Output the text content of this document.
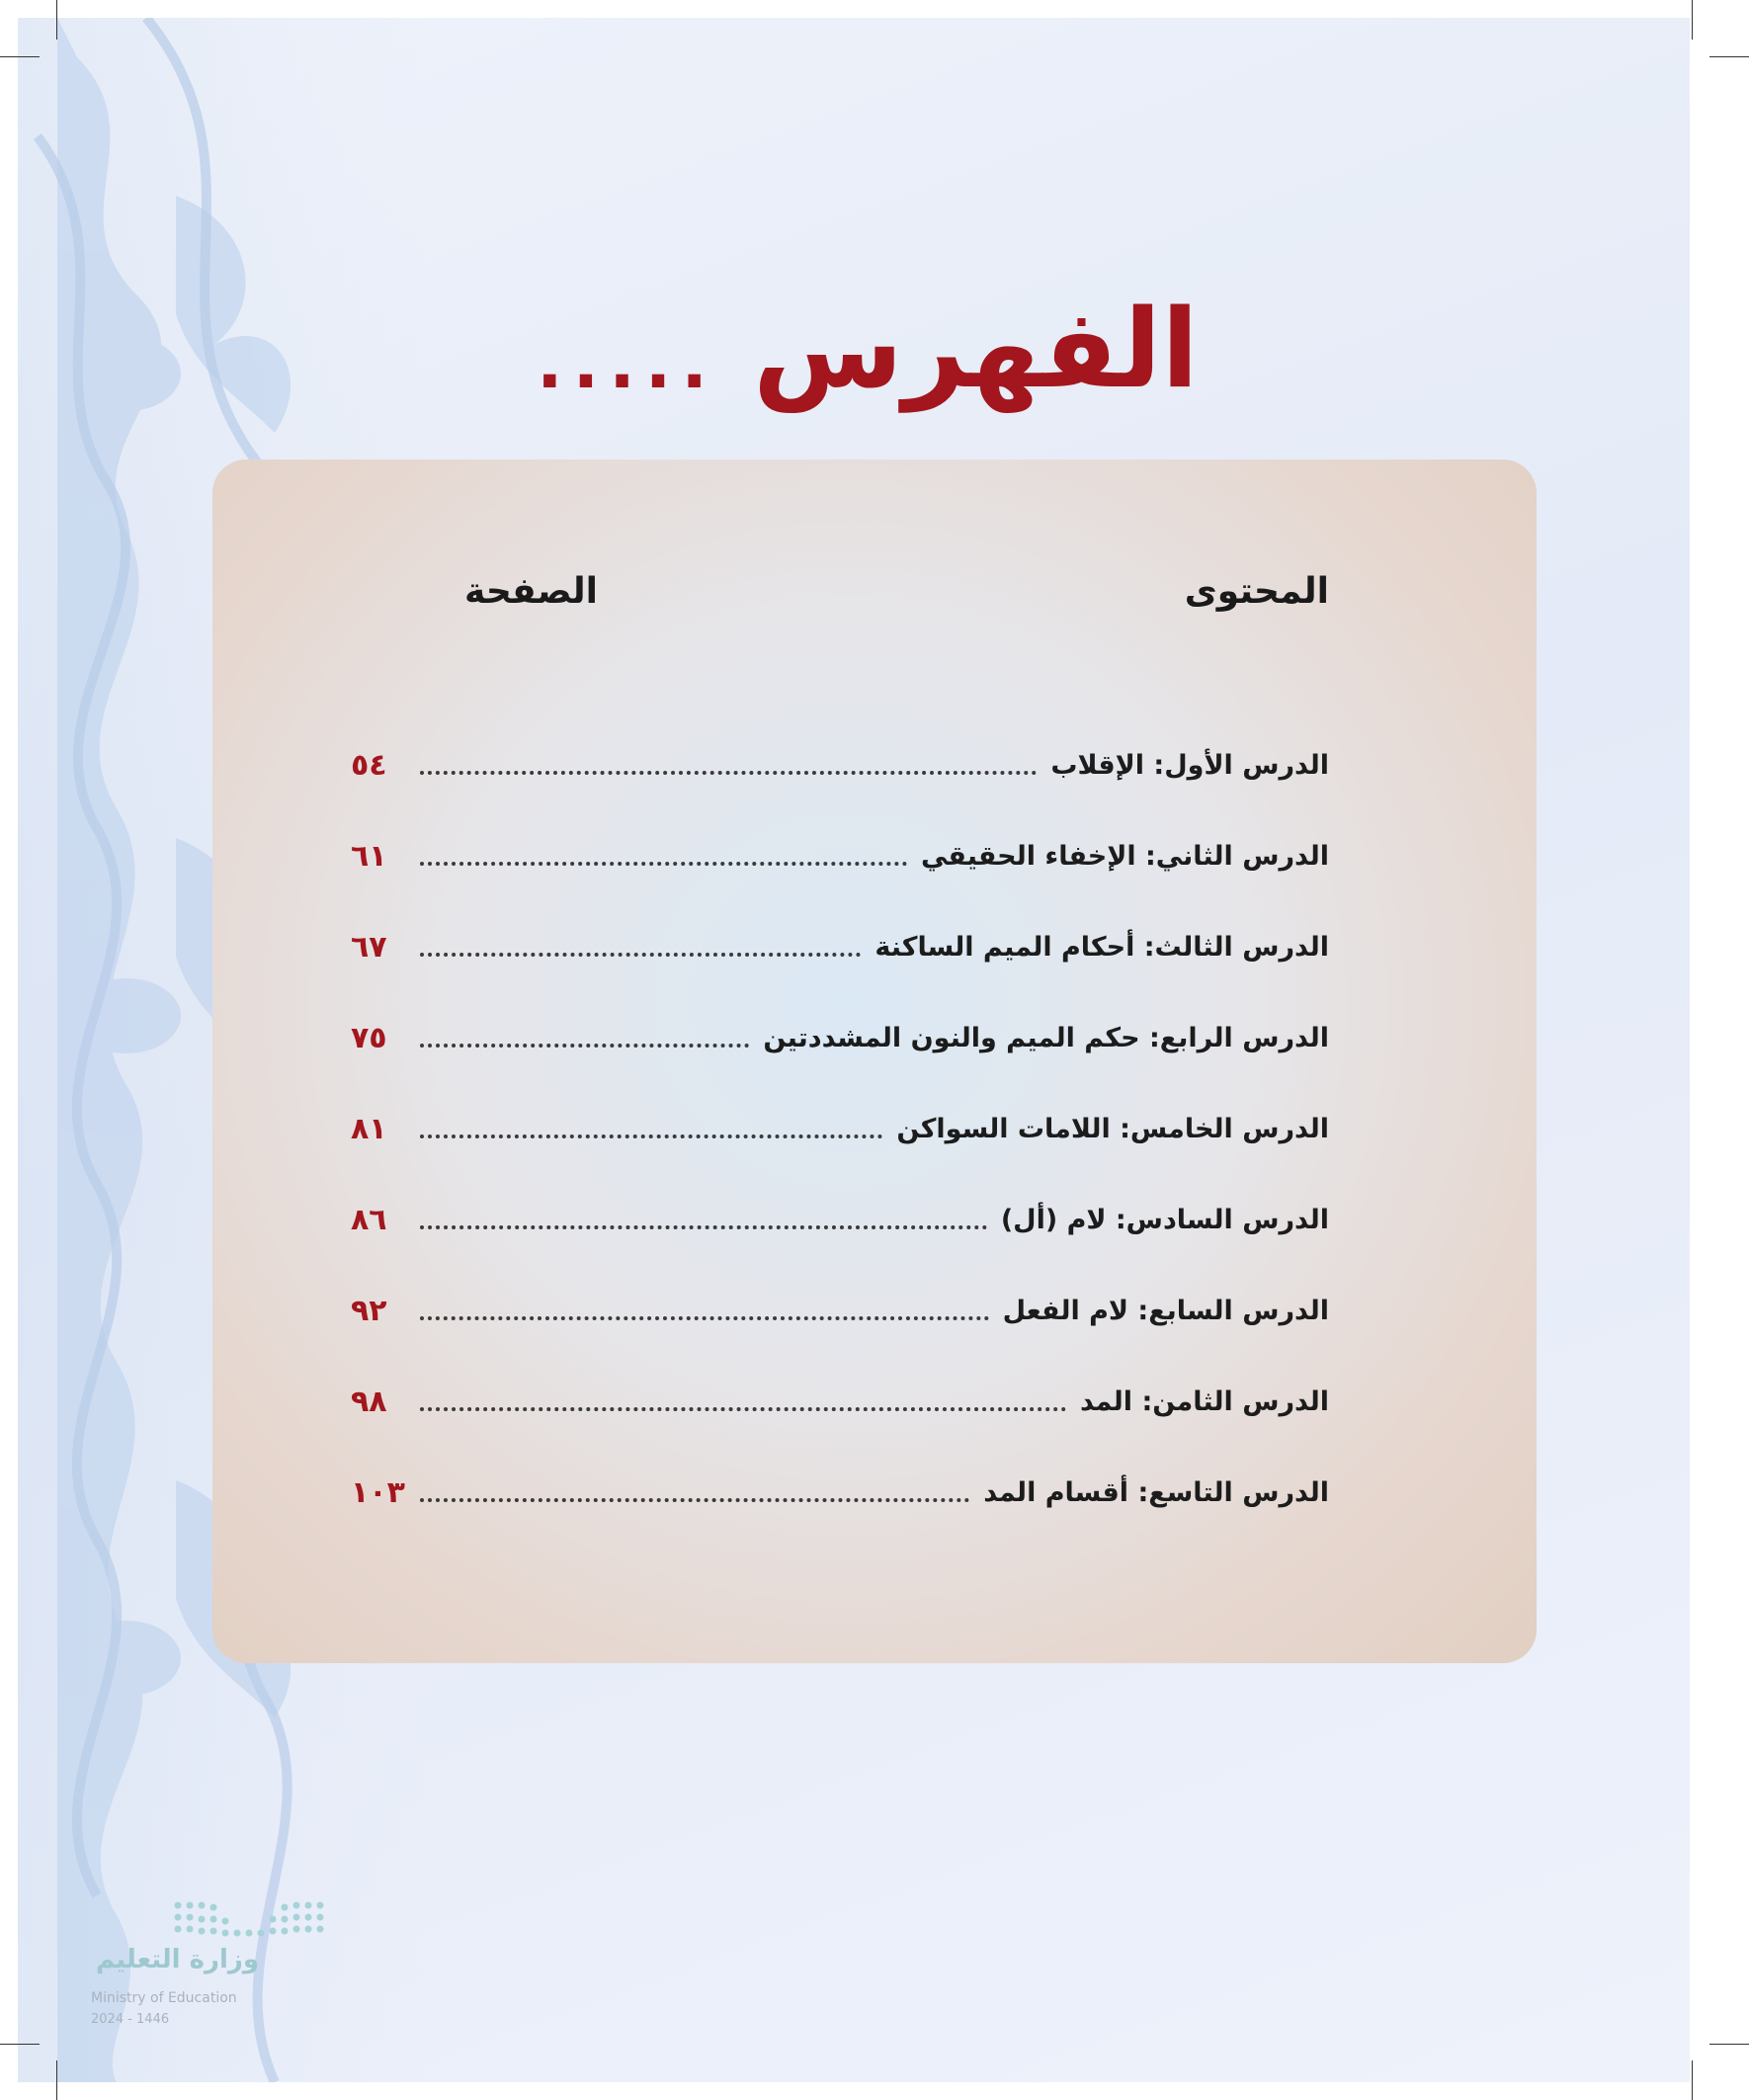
..... الفهرس
المحتوى
الصفحة
الدرس الأول: الإقلاب
٥٤
الدرس الثاني: الإخفاء الحقيقي
٦١
الدرس الثالث: أحكام الميم الساكنة
٦٧
الدرس الرابع: حكم الميم والنون المشددتين
٧٥
الدرس الخامس: اللامات السواكن
٨١
الدرس السادس: لام (أل)
٨٦
الدرس السابع: لام الفعل
٩٢
الدرس الثامن: المد
٩٨
الدرس التاسع: أقسام المد
١٠٣
وزارة التعليم
Ministry of Education
2024 - 1446
